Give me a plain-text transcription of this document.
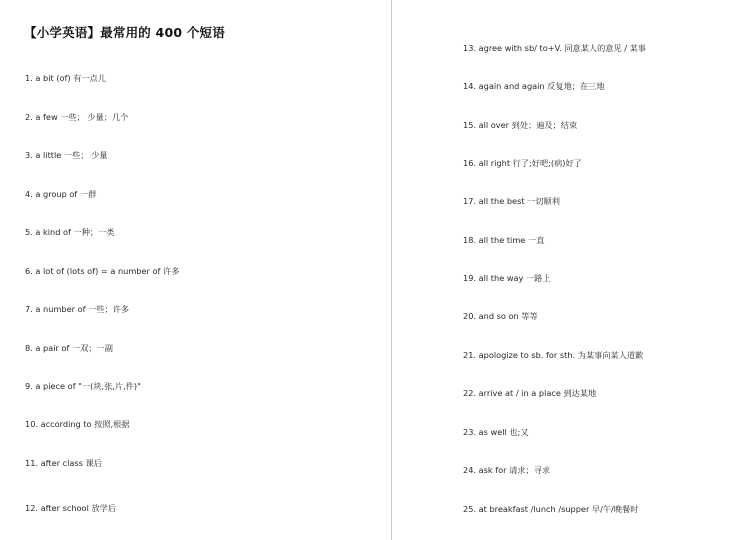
【小学英语】最常用的 400 个短语
1. a bit (of) 有一点儿
2. a few 一些； 少量；几个
3. a little 一些； 少量
4. a group of 一群
5. a kind of 一种；一类
6. a lot of (lots of) = a number of 许多
7. a number of 一些；许多
8. a pair of 一双；一副
9. a piece of "一(块,张,片,件)"
10. according to 按照,根据
11. after class 课后
12. after school 放学后
13. agree with sb/ to+V. 同意某人的意见 / 某事
14. again and again 反复地；在三地
15. all over 到处；遍及；结束
16. all right 行了;好吧;(病)好了
17. all the best 一切顺利
18. all the time 一直
19. all the way 一路上
20. and so on 等等
21. apologize to sb. for sth. 为某事向某人道歉
22. arrive at / in a place 到达某地
23. as well 也;又
24. ask for 请求；寻求
25. at breakfast /lunch /supper 早/午/晚餐时
